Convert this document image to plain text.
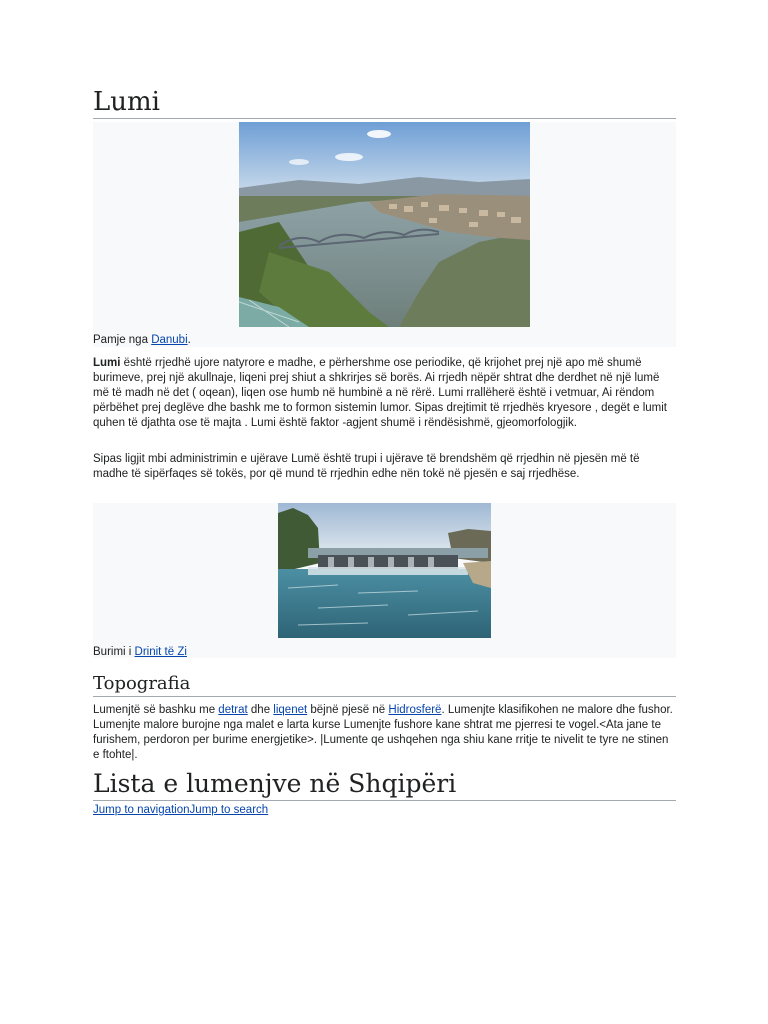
Lumi
Pamje nga Danubi.

Lumi është rrjedhë ujore natyrore e madhe, e përhershme ose periodike, që krijohet prej një apo më shumë burimeve, prej një akullnaje, liqeni prej shiut a shkrirjes së borës. Ai rrjedh nëpër shtrat dhe derdhet në një lumë më të madh në det ( oqean), liqen ose humb në humbinë a në rërë. Lumi rrallëherë është i vetmuar, Ai rëndom përbëhet prej deglëve dhe bashk me to formon sistemin lumor. Sipas drejtimit të rrjedhës kryesore , degët e lumit quhen të djathta ose të majta . Lumi është faktor -agjent shumë i rëndësishmë, gjeomorfologjik.

Sipas ligjit mbi administrimin e ujërave Lumë është trupi i ujërave të brendshëm që rrjedhin në pjesën më të madhe të sipërfaqes së tokës, por që mund të rrjedhin edhe nën tokë në pjesën e saj rrjedhëse.

Burimi i Drinit të Zi
Topografia

Lumenjtë së bashku me detrat dhe liqenet bëjnë pjesë në Hidrosferë. Lumenjte klasifikohen ne malore dhe fushor. Lumenjte malore burojne nga malet e larta kurse Lumenjte fushore kane shtrat me pjerresi te vogel.<Ata jane te furishem, perdoron per burime energjetike>. |Lumente qe ushqehen nga shiu kane rritje te nivelit te tyre ne stinen e ftohte|.

Lista e lumenjve në Shqipëri
Jump to navigationJump to search
